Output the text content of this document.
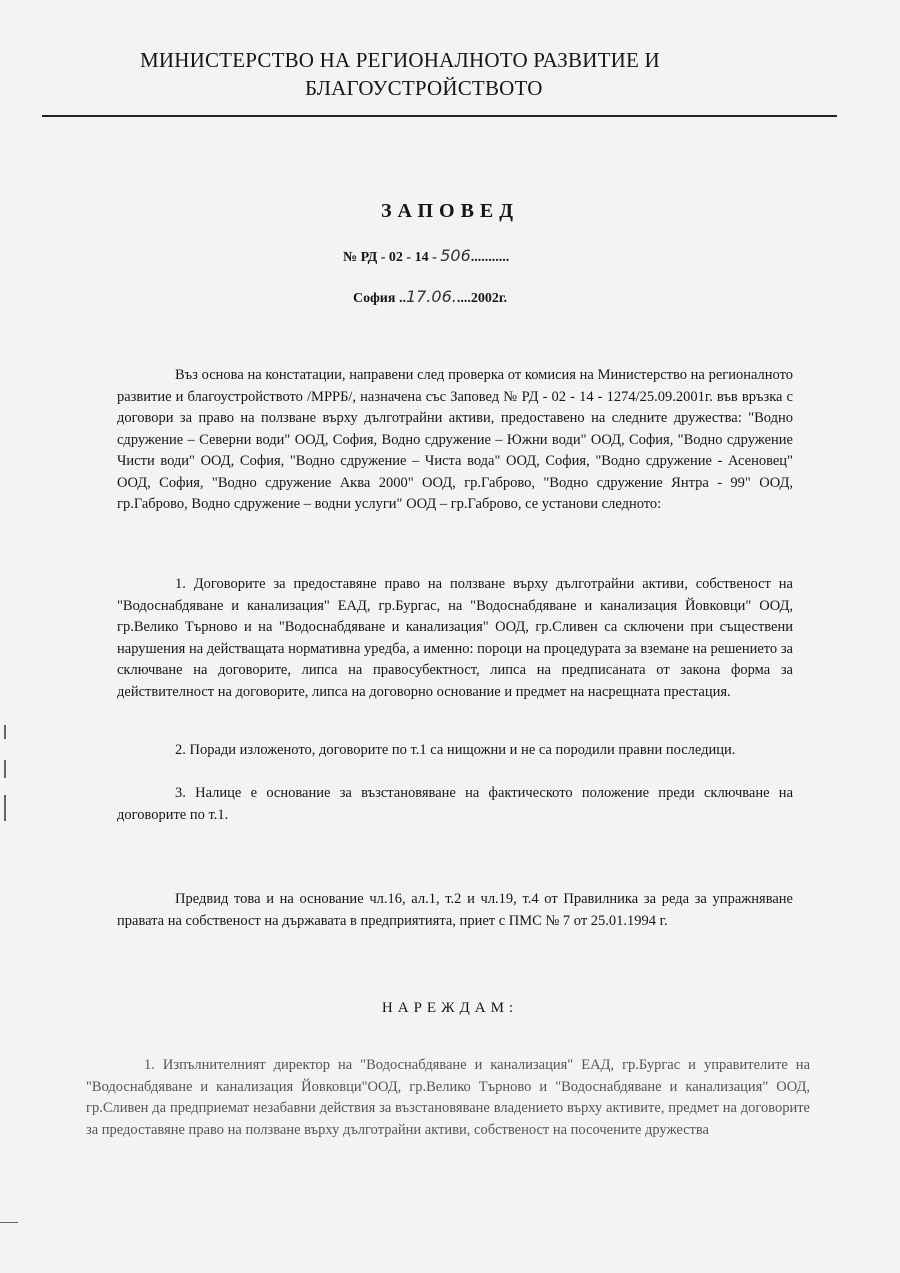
МИНИСТЕРСТВО НА РЕГИОНАЛНОТО РАЗВИТИЕ И
БЛАГОУСТРОЙСТВОТО
ЗАПОВЕД
№ РД - 02 - 14 - 506...........
София ..17.06.....2002г.
Въз основа на констатации, направени след проверка от комисия на Министерство на регионалното развитие и благоустройството /МРРБ/, назначена със Заповед № РД - 02 - 14 - 1274/25.09.2001г. във връзка с договори за право на ползване върху дълготрайни активи, предоставено на следните дружества: "Водно сдружение – Северни води" ООД, София, Водно сдружение – Южни води" ООД, София, "Водно сдружение Чисти води" ООД, София, "Водно сдружение – Чиста вода" ООД, София, "Водно сдружение - Асеновец" ООД, София, "Водно сдружение Аква 2000" ООД, гр.Габрово, "Водно сдружение Янтра - 99" ООД, гр.Габрово, Водно сдружение – водни услуги" ООД – гр.Габрово, се установи следното:
1. Договорите за предоставяне право на ползване върху дълготрайни активи, собственост на "Водоснабдяване и канализация" ЕАД, гр.Бургас, на "Водоснабдяване и канализация Йовковци" ООД, гр.Велико Търново и на "Водоснабдяване и канализация" ООД, гр.Сливен са сключени при съществени нарушения на действащата нормативна уредба, а именно: пороци на процедурата за вземане на решението за сключване на договорите, липса на правосубектност, липса на предписаната от закона форма за действителност на договорите, липса на договорно основание и предмет на насрещната престация.
2. Поради изложеното, договорите по т.1 са нищожни и не са породили правни последици.
3. Налице е основание за възстановяване на фактическото положение преди сключване на договорите по т.1.
Предвид това и на основание чл.16, ал.1, т.2 и чл.19, т.4 от Правилника за реда за упражняване правата на собственост на държавата в предприятията, приет с ПМС № 7 от 25.01.1994 г.
НАРЕЖДАМ:
1. Изпълнителният директор на "Водоснабдяване и канализация" ЕАД, гр.Бургас и управителите на "Водоснабдяване и канализация Йовковци"ООД, гр.Велико Търново и "Водоснабдяване и канализация" ООД, гр.Сливен да предприемат незабавни действия за възстановяване владението върху активите, предмет на договорите за предоставяне право на ползване върху дълготрайни активи, собственост на посочените дружества
